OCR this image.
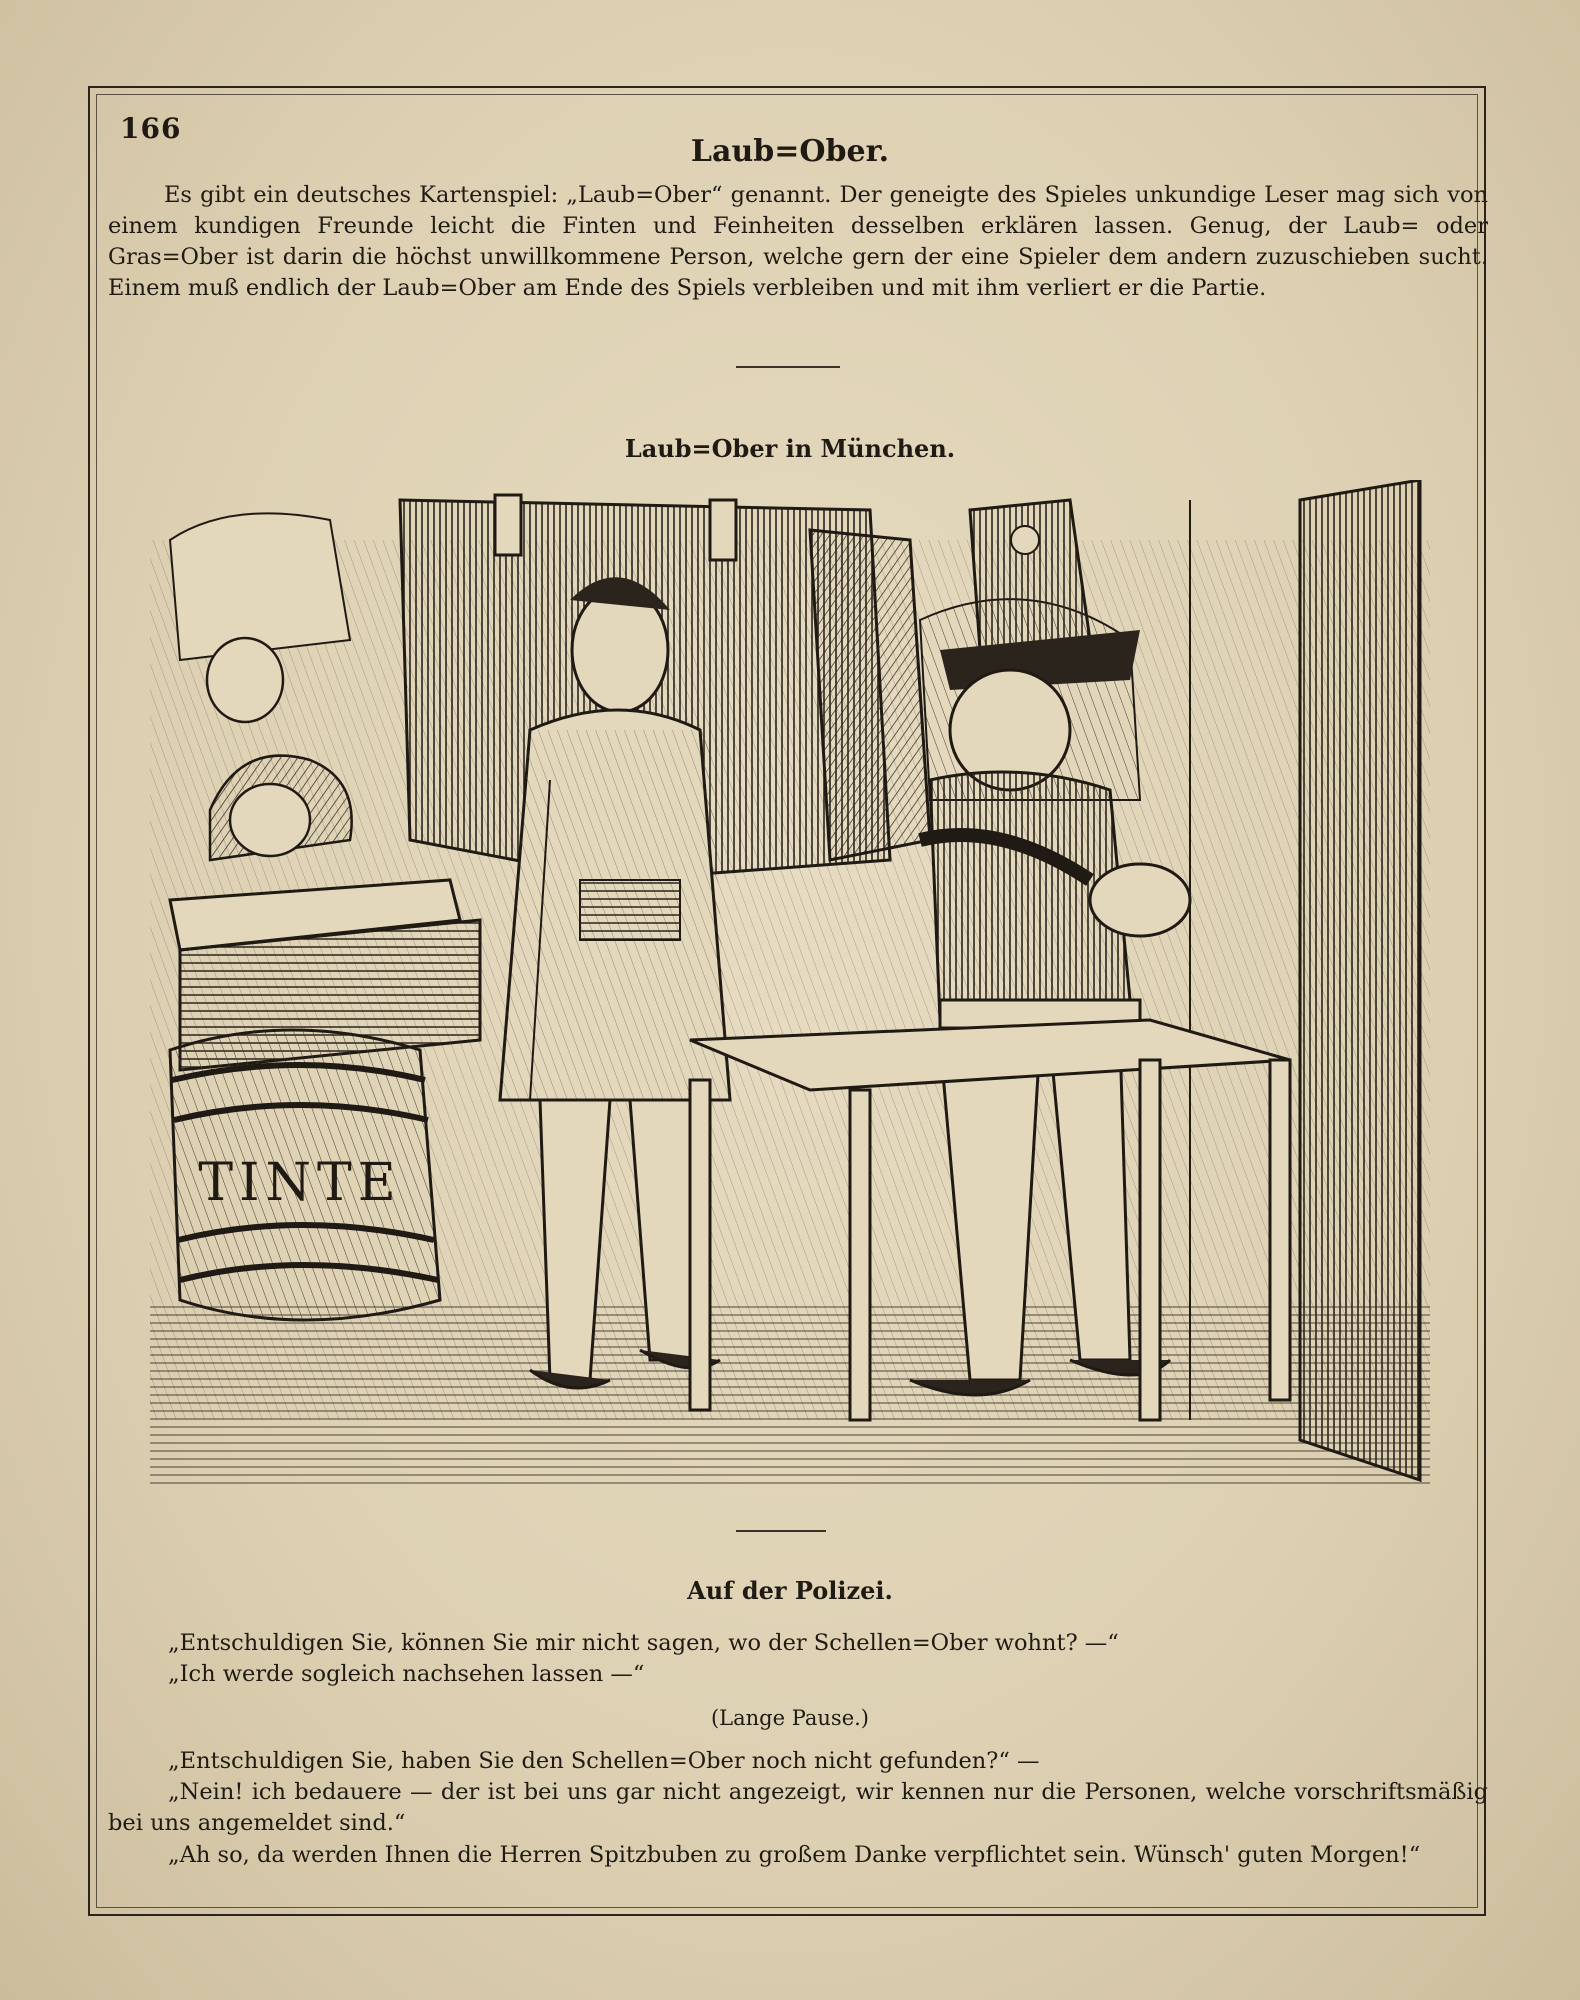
166
Laub=Ober.

Es gibt ein deutsches Kartenspiel: „Laub=Ober“ genannt. Der geneigte des Spieles unkundige Leser mag sich von einem kundigen Freunde leicht die Finten und Feinheiten desselben erklären lassen. Genug, der Laub= oder Gras=Ober ist darin die höchst unwillkommene Person, welche gern der eine Spieler dem andern zuzuschieben sucht. Einem muß endlich der Laub=Ober am Ende des Spiels verbleiben und mit ihm verliert er die Partie.

Laub=Ober in München.
TINTE
Auf der Polizei.

„Entschuldigen Sie, können Sie mir nicht sagen, wo der Schellen=Ober wohnt? —“

„Ich werde sogleich nachsehen lassen —“

(Lange Pause.)

„Entschuldigen Sie, haben Sie den Schellen=Ober noch nicht gefunden?“ —

„Nein! ich bedauere — der ist bei uns gar nicht angezeigt, wir kennen nur die Personen, welche vorschriftsmäßig bei uns angemeldet sind.“

„Ah so, da werden Ihnen die Herren Spitzbuben zu großem Danke verpflichtet sein. Wünsch' guten Morgen!“
